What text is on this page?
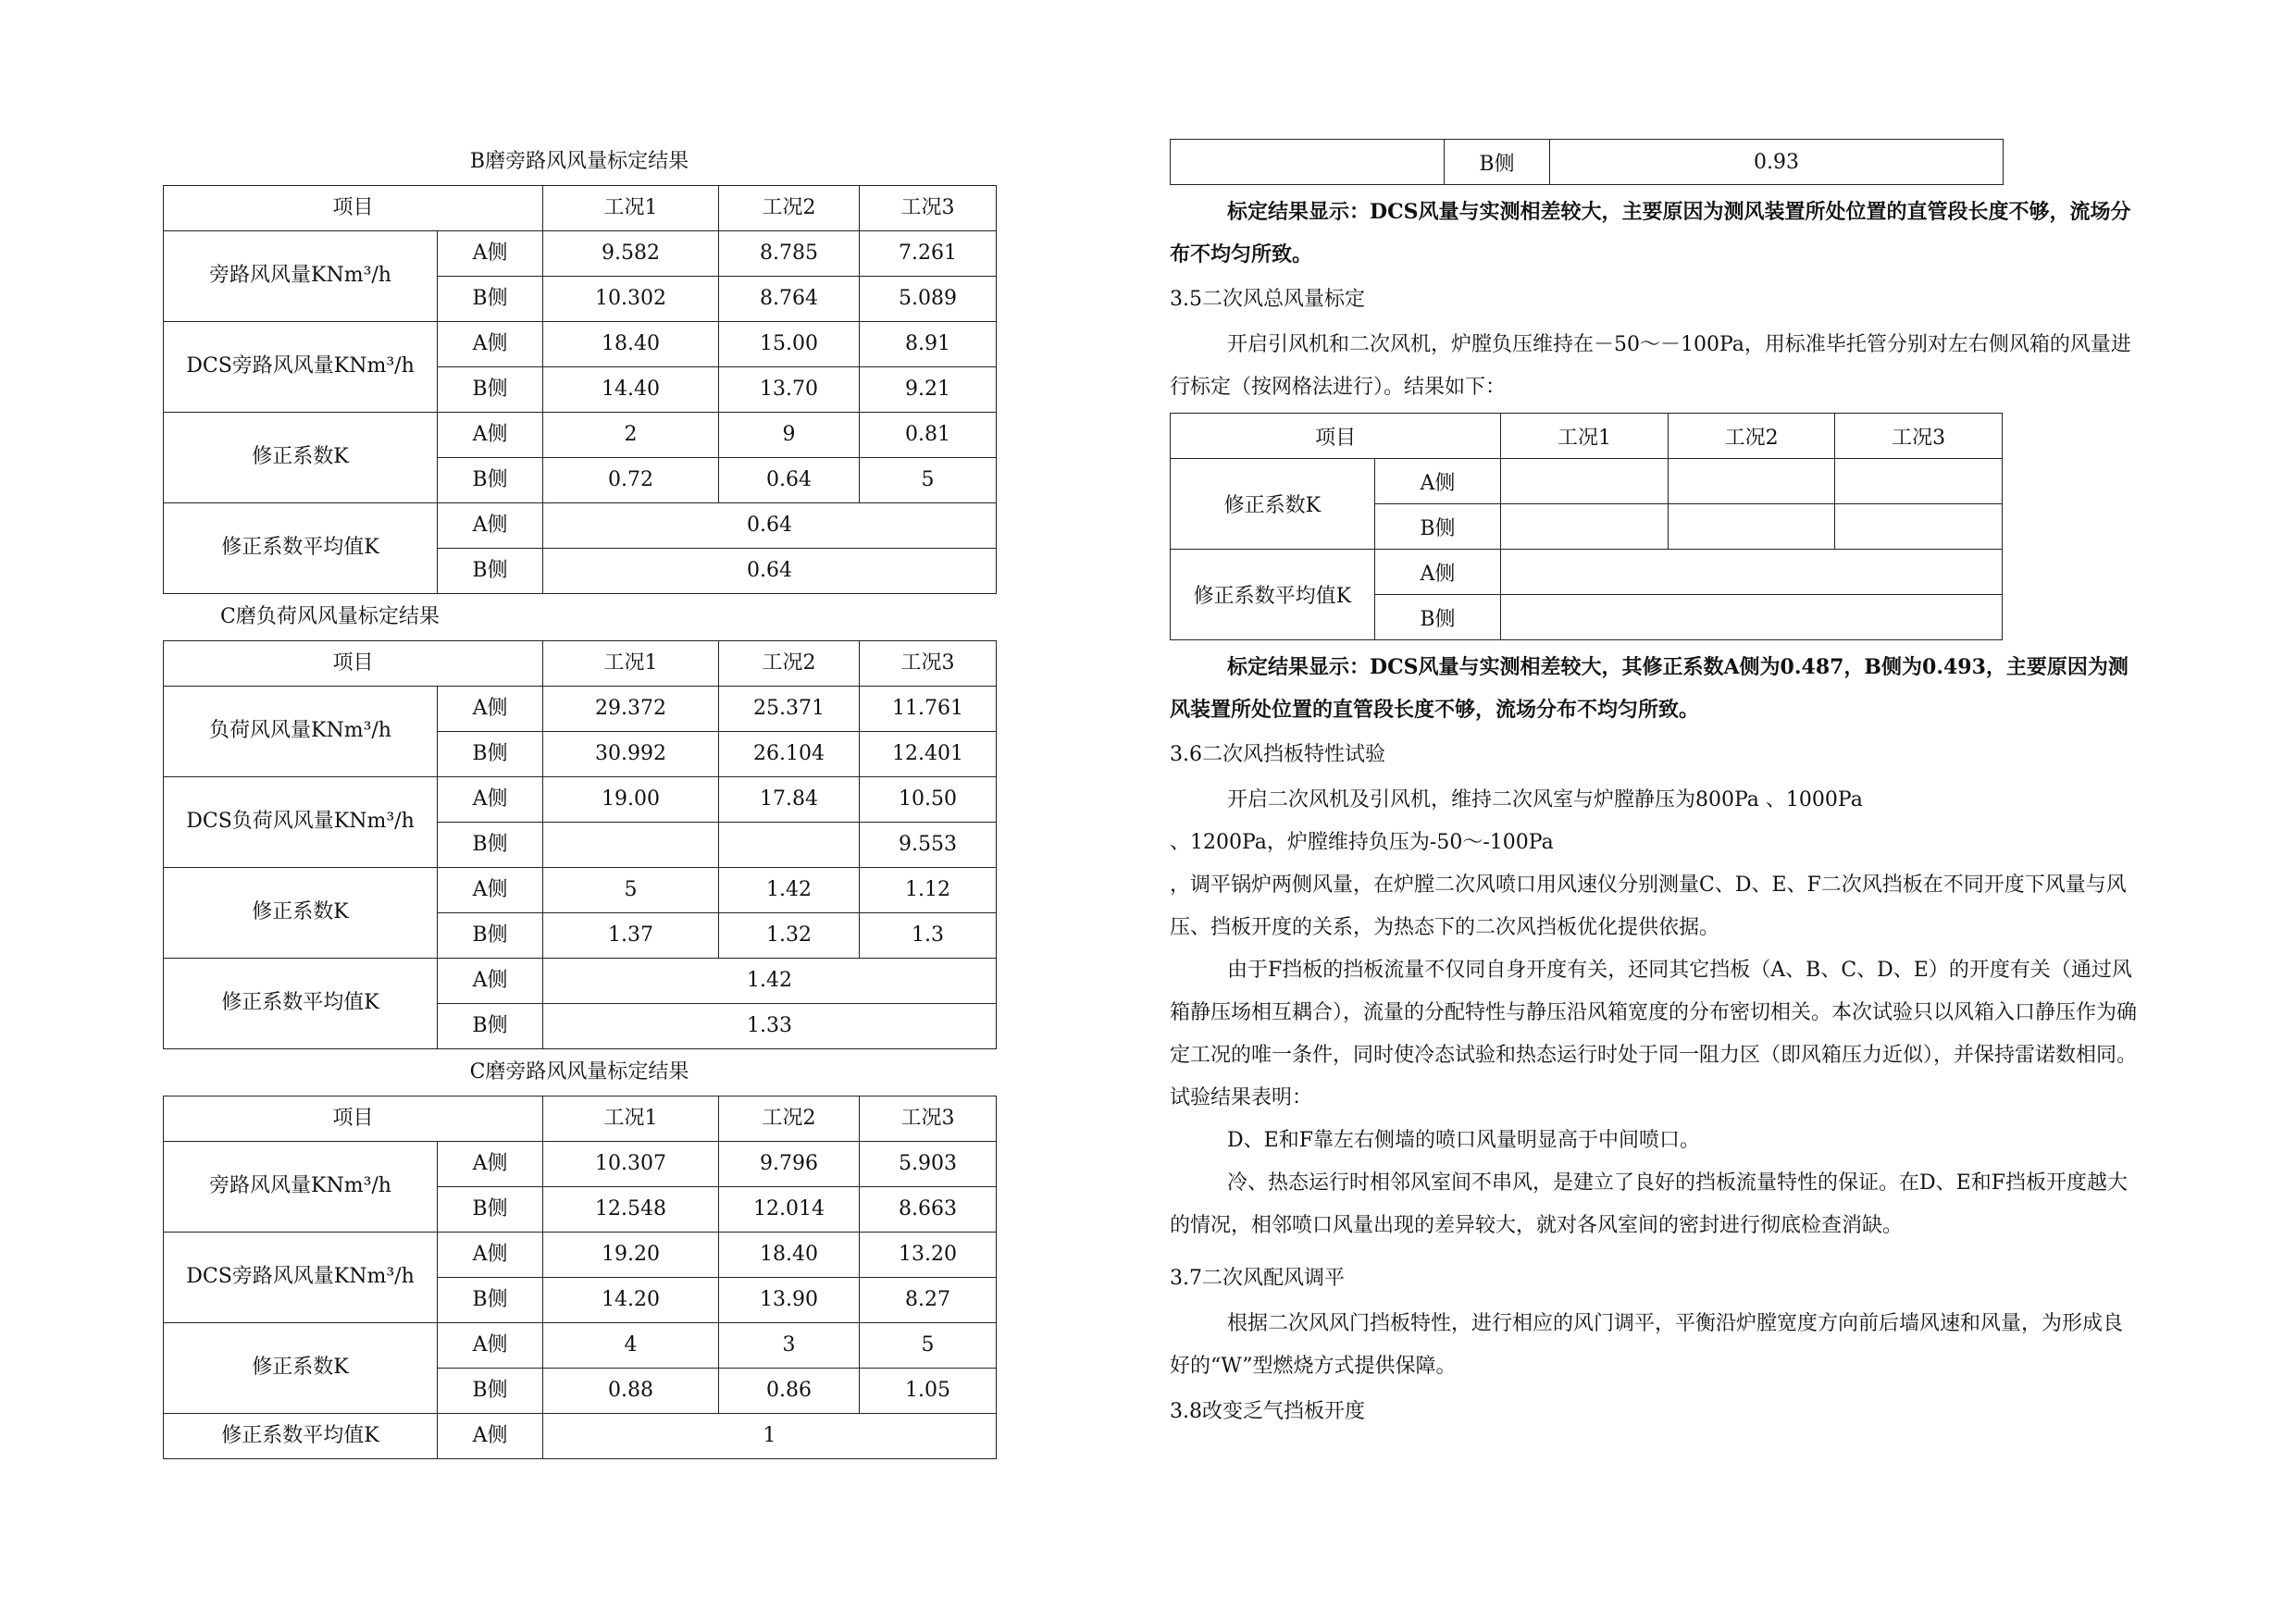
B磨旁路风风量标定结果
项目		工况1	工况2	工况3
旁路风风量KNm³/h	A侧	9.582	8.785	7.261
	B侧	10.302	8.764	5.089
DCS旁路风风量KNm³/h	A侧	18.40	15.00	8.91
	B侧	14.40	13.70	9.21
修正系数K	A侧	2	9	0.81
	B侧	0.72	0.64	5
修正系数平均值K	A侧	0.64		
	B侧	0.64		
C磨负荷风风量标定结果
项目		工况1	工况2	工况3
负荷风风量KNm³/h	A侧	29.372	25.371	11.761
	B侧	30.992	26.104	12.401
DCS负荷风风量KNm³/h	A侧	19.00	17.84	10.50
	B侧			9.553
修正系数K	A侧	5	1.42	1.12
	B侧	1.37	1.32	1.3
修正系数平均值K	A侧	1.42		
	B侧	1.33		
C磨旁路风风量标定结果
项目		工况1	工况2	工况3
旁路风风量KNm³/h	A侧	10.307	9.796	5.903
	B侧	12.548	12.014	8.663
DCS旁路风风量KNm³/h	A侧	19.20	18.40	13.20
	B侧	14.20	13.90	8.27
修正系数K	A侧	4	3	5
	B侧	0.88	0.86	1.05
修正系数平均值K	A侧	1		
	B侧	0.93

标定结果显示：DCS风量与实测相差较大，主要原因为测风装置所处位置的直管段长度不够，流场分布不均匀所致。

3.5二次风总风量标定

开启引风机和二次风机，炉膛负压维持在－50～－100Pa，用标准毕托管分别对左右侧风箱的风量进行标定（按网格法进行）。结果如下：

项目		工况1	工况2	工况3
修正系数K	A侧			
	B侧			
修正系数平均值K	A侧			
	B侧			

标定结果显示：DCS风量与实测相差较大，其修正系数A侧为0.487，B侧为0.493，主要原因为测风装置所处位置的直管段长度不够，流场分布不均匀所致。

3.6二次风挡板特性试验

开启二次风机及引风机，维持二次风室与炉膛静压为800Pa 、1000Pa

、1200Pa，炉膛维持负压为-50～-100Pa

，调平锅炉两侧风量，在炉膛二次风喷口用风速仪分别测量C、D、E、F二次风挡板在不同开度下风量与风压、挡板开度的关系，为热态下的二次风挡板优化提供依据。

由于F挡板的挡板流量不仅同自身开度有关，还同其它挡板（A、B、C、D、E）的开度有关（通过风箱静压场相互耦合），流量的分配特性与静压沿风箱宽度的分布密切相关。本次试验只以风箱入口静压作为确定工况的唯一条件，同时使冷态试验和热态运行时处于同一阻力区（即风箱压力近似），并保持雷诺数相同。试验结果表明：

D、E和F靠左右侧墙的喷口风量明显高于中间喷口。

冷、热态运行时相邻风室间不串风，是建立了良好的挡板流量特性的保证。在D、E和F挡板开度越大的情况，相邻喷口风量出现的差异较大，就对各风室间的密封进行彻底检查消缺。

3.7二次风配风调平

根据二次风风门挡板特性，进行相应的风门调平，平衡沿炉膛宽度方向前后墙风速和风量，为形成良好的“W”型燃烧方式提供保障。

3.8改变乏气挡板开度
